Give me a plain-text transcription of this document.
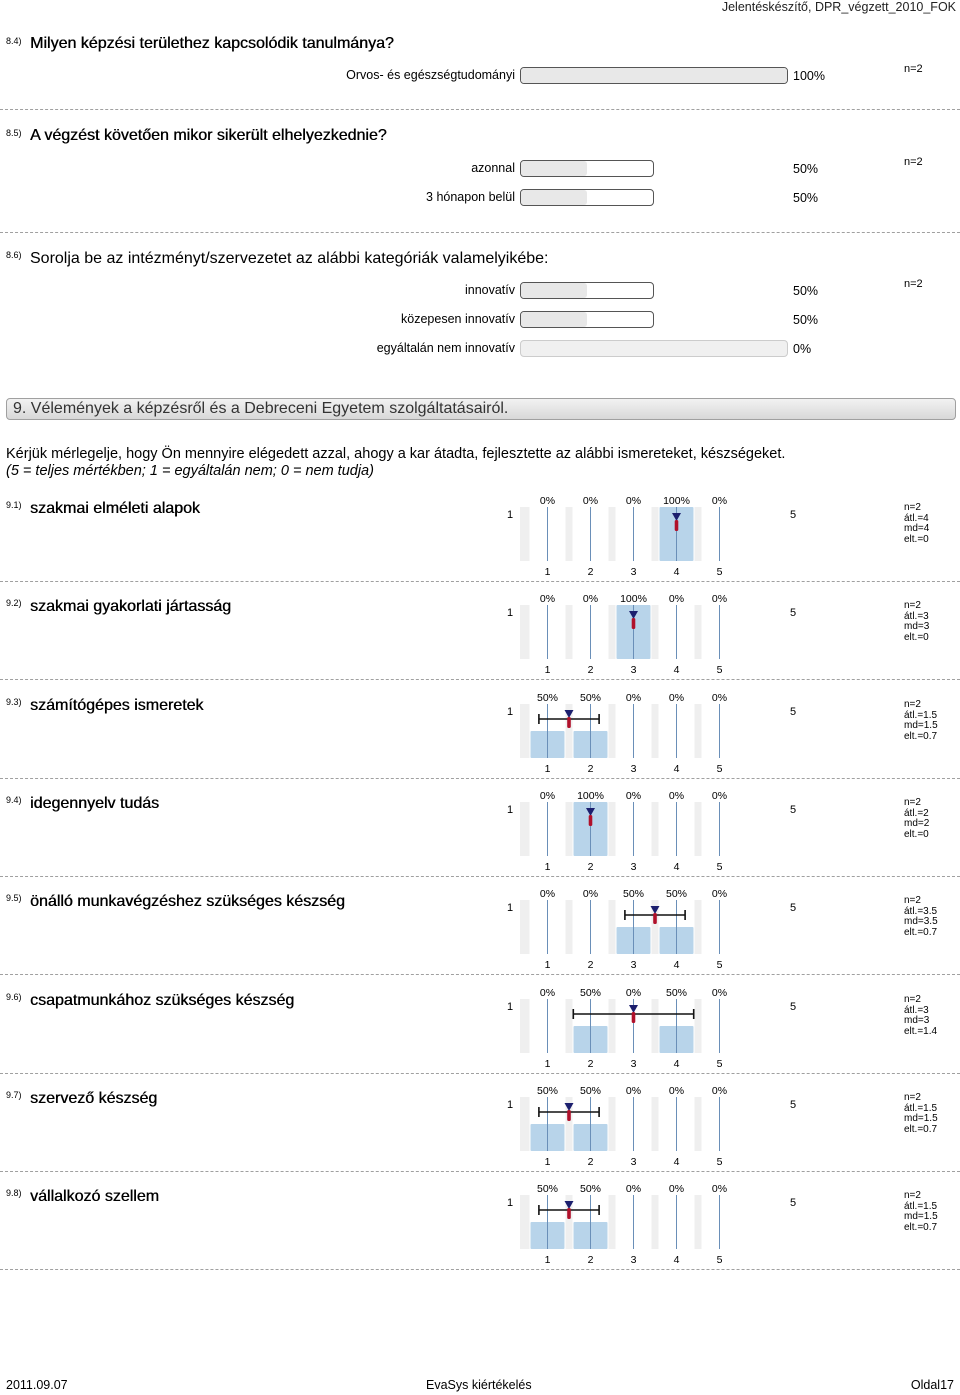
Jelentéskészítő, DPR_végzett_2010_FOK
8.4) Milyen képzési területhez kapcsolódik tanulmánya?
Orvos- és egészségtudományi	100%	n=2
8.5) A végzést követően mikor sikerült elhelyezkednie?
azonnal	50%	n=2
3 hónapon belül	50%
8.6) Sorolja be az intézményt/szervezetet az alábbi kategóriák valamelyikébe:
innovatív	50%	n=2
közepesen innovatív	50%
egyáltalán nem innovatív	0%
9. Vélemények a képzésről és a Debreceni Egyetem szolgáltatásairól.
Kérjük mérlegelje, hogy Ön mennyire elégedett azzal, ahogy a kar átadta, fejlesztette az alábbi ismereteket, készségeket.
(5 = teljes mértékben; 1 = egyáltalán nem; 0 = nem tudja)
9.1) szakmai elméleti alapok	1	5
n=2
átl.=4
md=4
elt.=0
0%
1
0%
2
0%
3
100%
4
0%
5
9.2) szakmai gyakorlati jártasság	1	5
n=2
átl.=3
md=3
elt.=0
0%
1
0%
2
100%
3
0%
4
0%
5
9.3) számítógépes ismeretek	1	5
n=2
átl.=1.5
md=1.5
elt.=0.7
50%
1
50%
2
0%
3
0%
4
0%
5
9.4) idegennyelv tudás	1	5
n=2
átl.=2
md=2
elt.=0
0%
1
100%
2
0%
3
0%
4
0%
5
9.5) önálló munkavégzéshez szükséges készség	1	5
n=2
átl.=3.5
md=3.5
elt.=0.7
0%
1
0%
2
50%
3
50%
4
0%
5
9.6) csapatmunkához szükséges készség	1	5
n=2
átl.=3
md=3
elt.=1.4
0%
1
50%
2
0%
3
50%
4
0%
5
9.7) szervező készség	1	5
n=2
átl.=1.5
md=1.5
elt.=0.7
50%
1
50%
2
0%
3
0%
4
0%
5
9.8) vállalkozó szellem	1	5
n=2
átl.=1.5
md=1.5
elt.=0.7
50%
1
50%
2
0%
3
0%
4
0%
5
2011.09.07	EvaSys kiértékelés	Oldal17
